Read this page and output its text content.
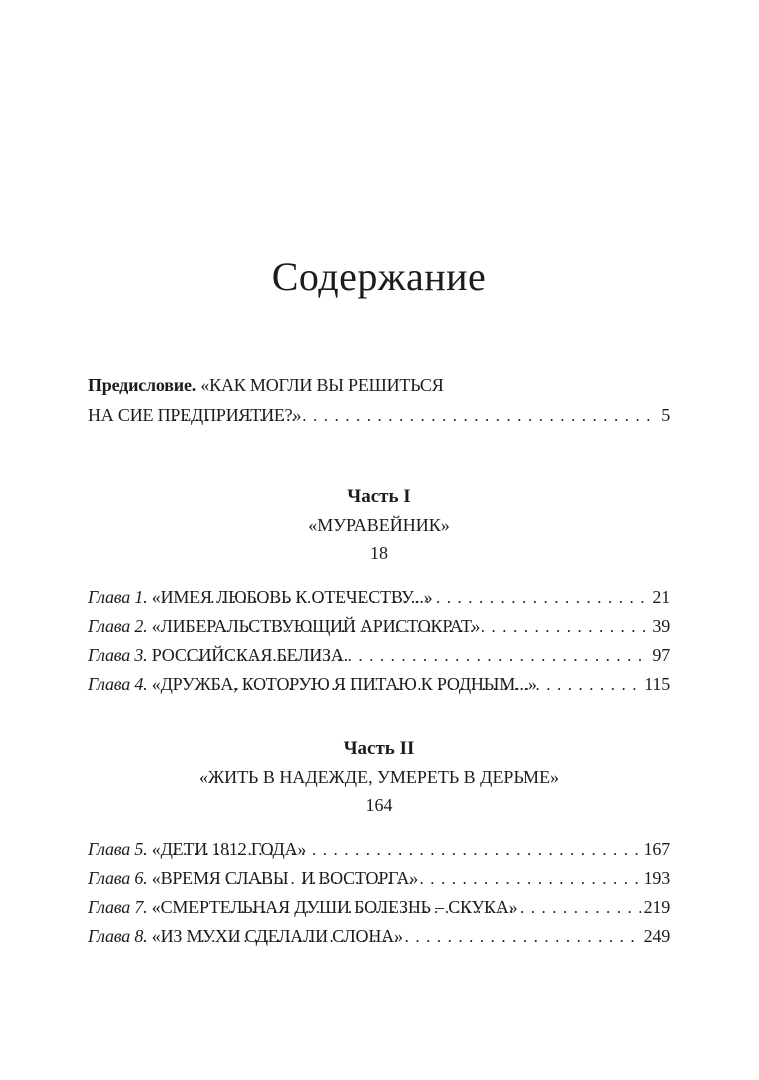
Содержание
Предисловие. «КАК МОГЛИ ВЫ РЕШИТЬСЯ
НА СИЕ ПРЕДПРИЯТИЕ?» .....	5
Часть I
«МУРАВЕЙНИК»
18
Глава 1. «ИМЕЯ ЛЮБОВЬ К ОТЕЧЕСТВУ...» .....	21
Глава 2. «ЛИБЕРАЛЬСТВУЮЩИЙ АРИСТОКРАТ» .....	39
Глава 3. РОССИЙСКАЯ БЕЛИЗА. .....	97
Глава 4. «ДРУЖБА, КОТОРУЮ Я ПИТАЮ К РОДНЫМ...» .....	115
Часть II
«ЖИТЬ В НАДЕЖДЕ, УМЕРЕТЬ В ДЕРЬМЕ»
164
Глава 5. «ДЕТИ 1812 ГОДА» .....	167
Глава 6. «ВРЕМЯ СЛАВЫ   И ВОСТОРГА» .....	193
Глава 7. «СМЕРТЕЛЬНАЯ ДУШИ БОЛЕЗНЬ – СКУКА» .....	219
Глава 8. «ИЗ МУХИ СДЕЛАЛИ СЛОНА» .....	249
